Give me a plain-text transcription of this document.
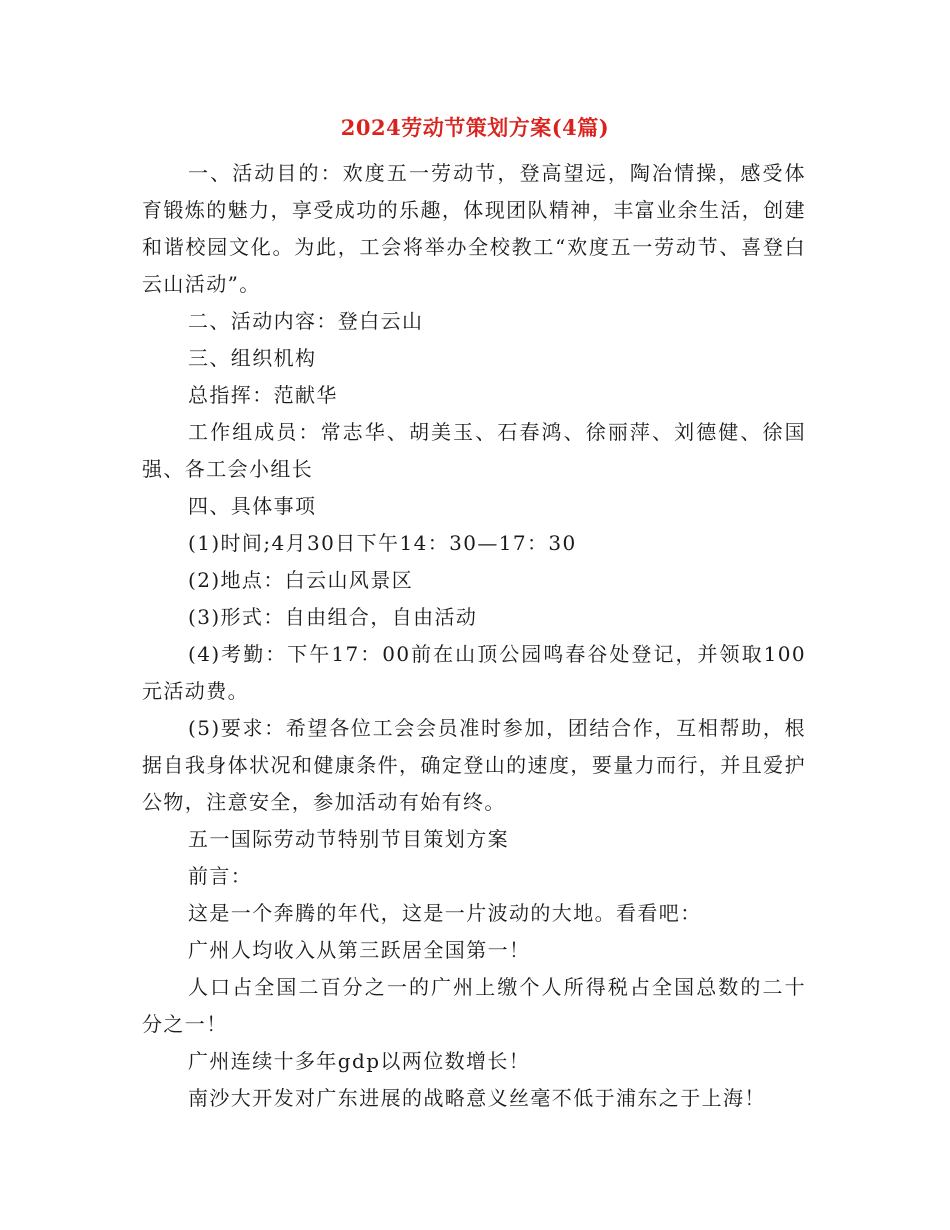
2024劳动节策划方案(4篇)

一、活动目的：欢度五一劳动节，登高望远，陶冶情操，感受体育锻炼的魅力，享受成功的乐趣，体现团队精神，丰富业余生活，创建和谐校园文化。为此，工会将举办全校教工“欢度五一劳动节、喜登白云山活动”。

二、活动内容：登白云山

三、组织机构

总指挥：范献华

工作组成员：常志华、胡美玉、石春鸿、徐丽萍、刘德健、徐国强、各工会小组长

四、具体事项

(1)时间;4月30日下午14：30—17：30

(2)地点：白云山风景区

(3)形式：自由组合，自由活动

(4)考勤：下午17：00前在山顶公园鸣春谷处登记，并领取100元活动费。

(5)要求：希望各位工会会员准时参加，团结合作，互相帮助，根据自我身体状况和健康条件，确定登山的速度，要量力而行，并且爱护公物，注意安全，参加活动有始有终。

五一国际劳动节特别节目策划方案

前言：

这是一个奔腾的年代，这是一片波动的大地。看看吧：

广州人均收入从第三跃居全国第一！

人口占全国二百分之一的广州上缴个人所得税占全国总数的二十分之一！

广州连续十多年gdp以两位数增长！

南沙大开发对广东进展的战略意义丝毫不低于浦东之于上海！
